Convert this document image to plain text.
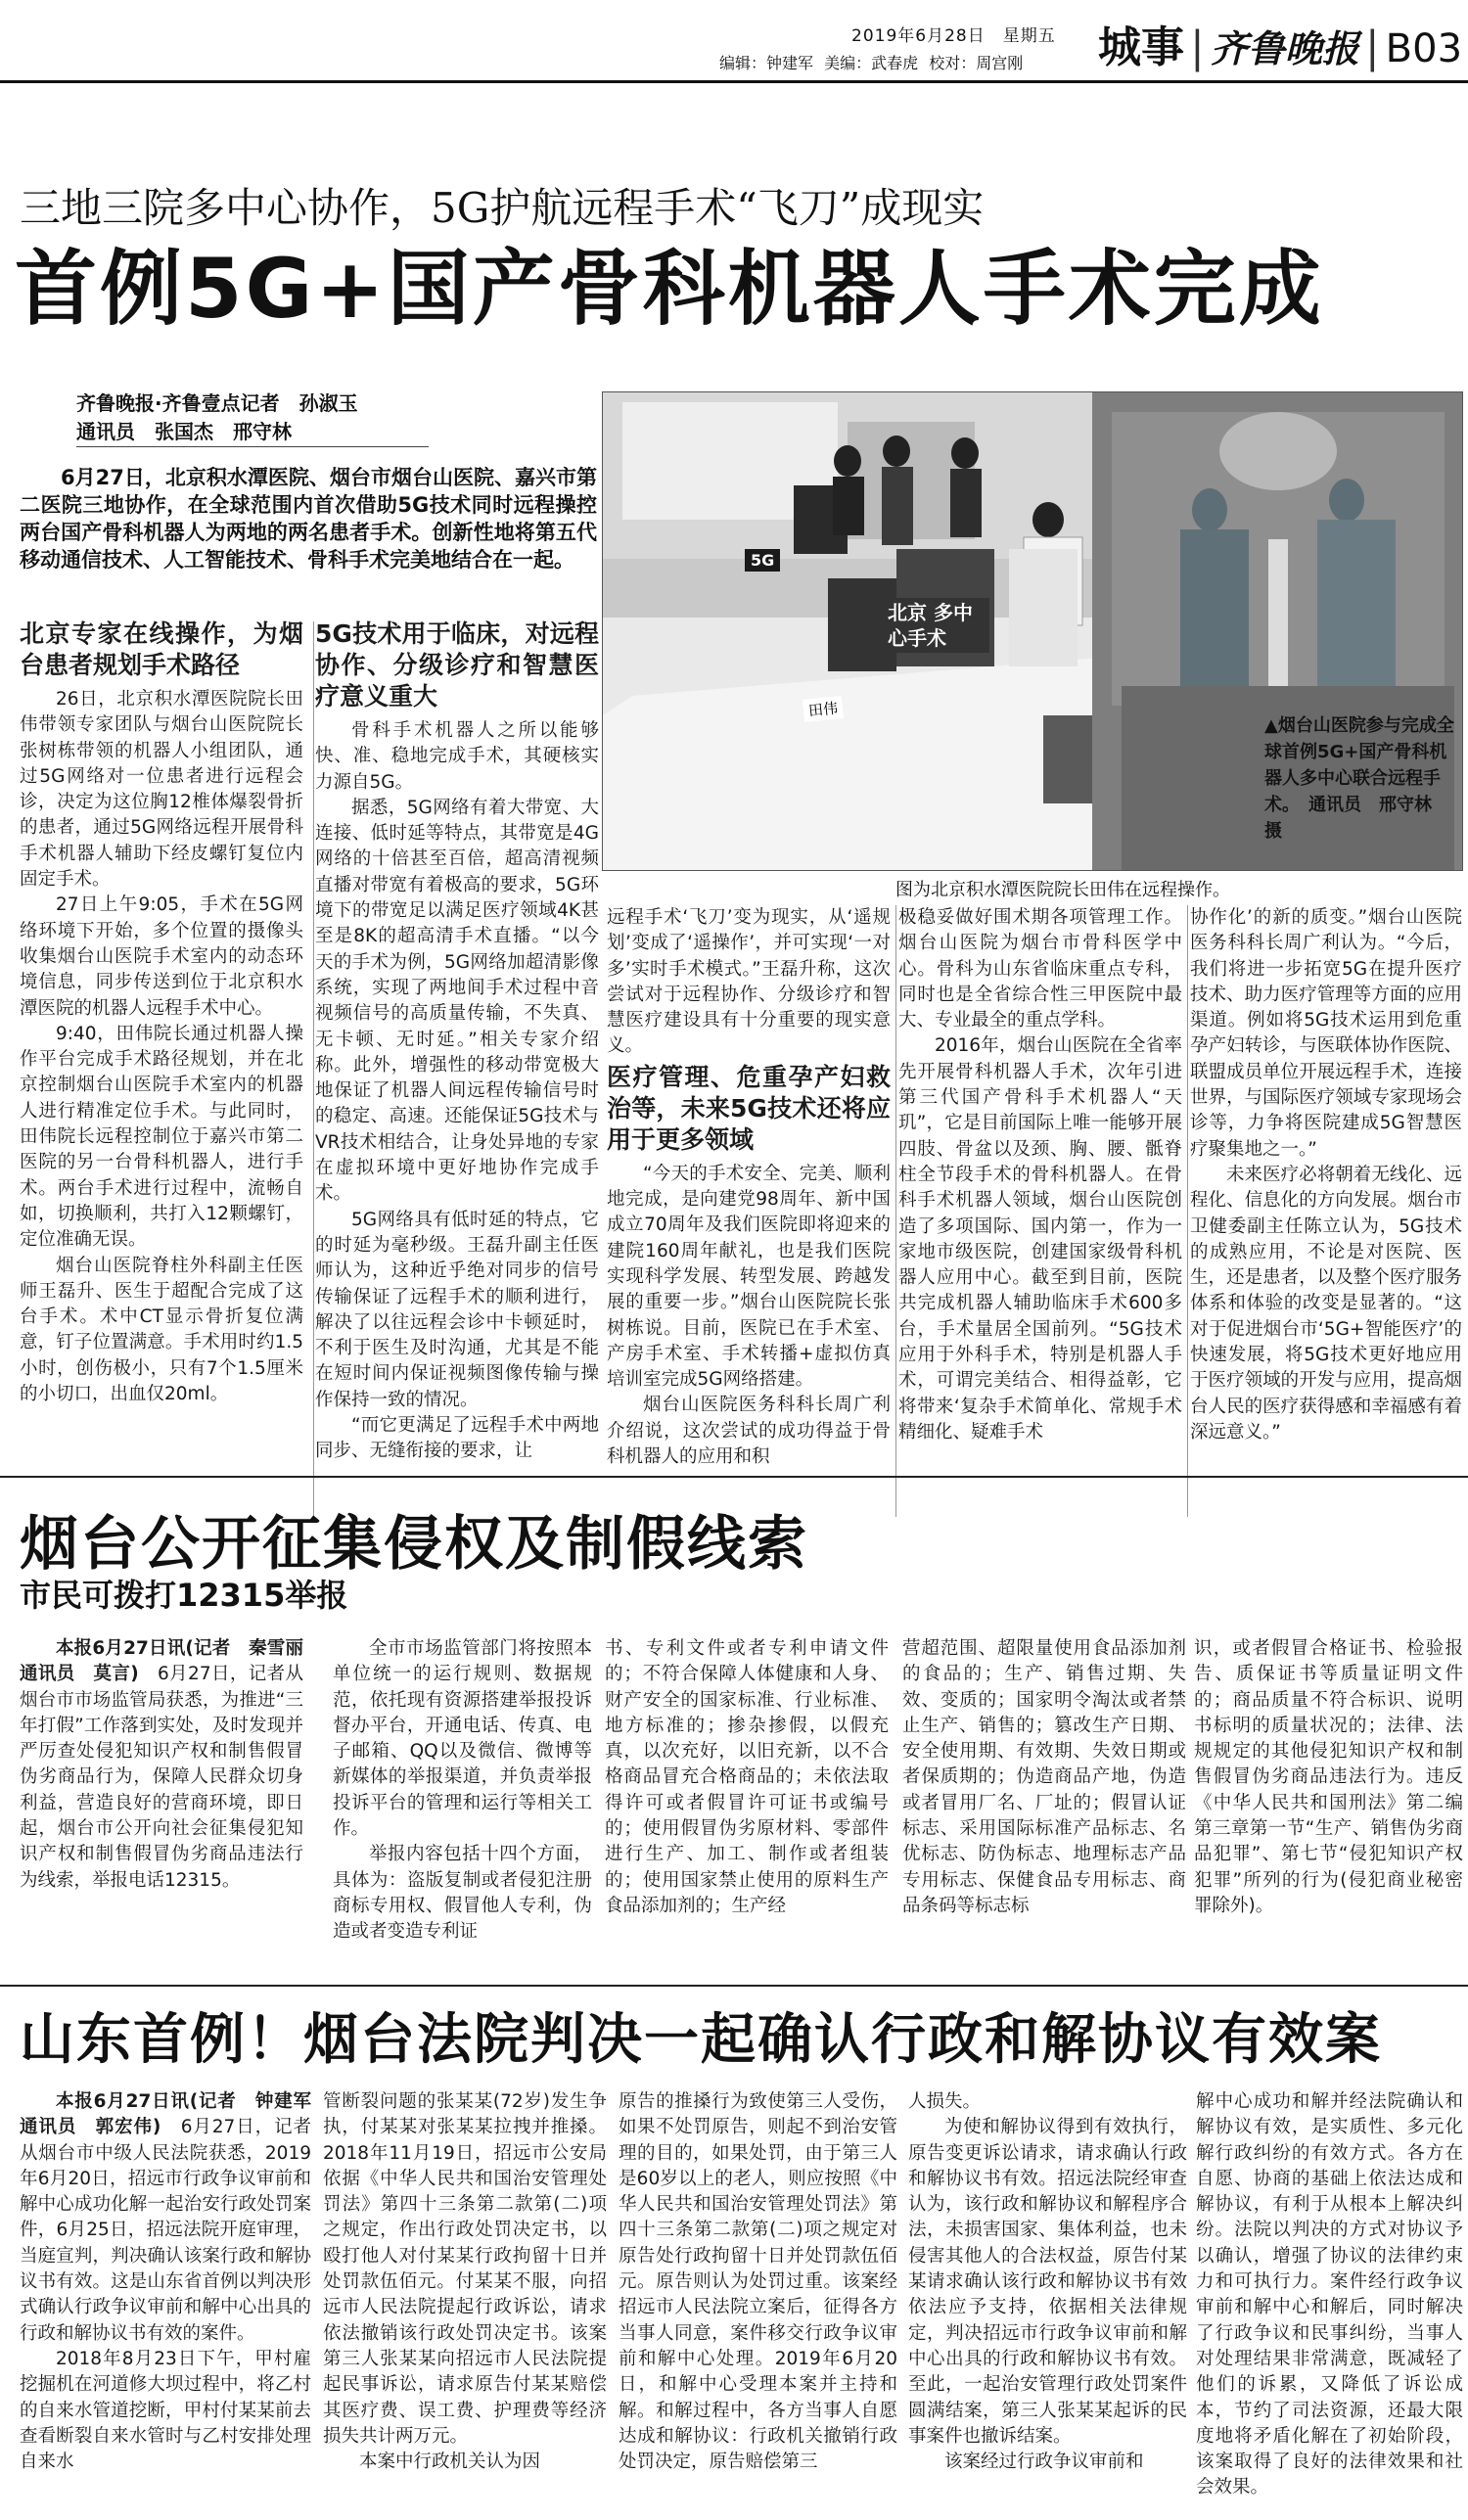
2019年6月28日　 星期五
编辑：钟建军 美编：武春虎 校对：周宫刚 城事 | 齐鲁晚报 | B03
三地三院多中心协作，5G护航远程手术“飞刀”成现实
首例5G+国产骨科机器人手术完成
齐鲁晚报·齐鲁壹点记者　孙淑玉
通讯员　张国杰　邢守林
6月27日，北京积水潭医院、烟台市烟台山医院、嘉兴市第二医院三地协作，在全球范围内首次借助5G技术同时远程操控两台国产骨科机器人为两地的两名患者手术。创新性地将第五代移动通信技术、人工智能技术、骨科手术完美地结合在一起。
北京专家在线操作，为烟台患者规划手术路径

26日，北京积水潭医院院长田伟带领专家团队与烟台山医院院长张树栋带领的机器人小组团队，通过5G网络对一位患者进行远程会诊，决定为这位胸12椎体爆裂骨折的患者，通过5G网络远程开展骨科手术机器人辅助下经皮螺钉复位内固定手术。

27日上午9:05，手术在5G网络环境下开始，多个位置的摄像头收集烟台山医院手术室内的动态环境信息，同步传送到位于北京积水潭医院的机器人远程手术中心。

9:40，田伟院长通过机器人操作平台完成手术路径规划，并在北京控制烟台山医院手术室内的机器人进行精准定位手术。与此同时，田伟院长远程控制位于嘉兴市第二医院的另一台骨科机器人，进行手术。两台手术进行过程中，流畅自如，切换顺利，共打入12颗螺钉，定位准确无误。

烟台山医院脊柱外科副主任医师王磊升、医生于超配合完成了这台手术。术中CT显示骨折复位满意，钉子位置满意。手术用时约1.5小时，创伤极小，只有7个1.5厘米的小切口，出血仅20ml。

5G技术用于临床，对远程协作、分级诊疗和智慧医疗意义重大

骨科手术机器人之所以能够快、准、稳地完成手术，其硬核实力源自5G。

据悉，5G网络有着大带宽、大连接、低时延等特点，其带宽是4G网络的十倍甚至百倍，超高清视频直播对带宽有着极高的要求，5G环境下的带宽足以满足医疗领域4K甚至是8K的超高清手术直播。“以今天的手术为例，5G网络加超清影像系统，实现了两地间手术过程中音视频信号的高质量传输，不失真、无卡顿、无时延。”相关专家介绍称。此外，增强性的移动带宽极大地保证了机器人间远程传输信号时的稳定、高速。还能保证5G技术与VR技术相结合，让身处异地的专家在虚拟环境中更好地协作完成手术。

5G网络具有低时延的特点，它的时延为毫秒级。王磊升副主任医师认为，这种近乎绝对同步的信号传输保证了远程手术的顺利进行，解决了以往远程会诊中卡顿延时，不利于医生及时沟通，尤其是不能在短时间内保证视频图像传输与操作保持一致的情况。

“而它更满足了远程手术中两地同步、无缝衔接的要求，让

北京 多中心手术
5G
田伟
图为北京积水潭医院院长田伟在远程操作。
▲烟台山医院参与完成全球首例5G+国产骨科机器人多中心联合远程手术。　通讯员　邢守林　摄

远程手术‘飞刀’变为现实，从‘遥规划’变成了‘遥操作’，并可实现‘一对多’实时手术模式。”王磊升称，这次尝试对于远程协作、分级诊疗和智慧医疗建设具有十分重要的现实意义。

医疗管理、危重孕产妇救治等，未来5G技术还将应用于更多领域

“今天的手术安全、完美、顺利地完成，是向建党98周年、新中国成立70周年及我们医院即将迎来的建院160周年献礼，也是我们医院实现科学发展、转型发展、跨越发展的重要一步。”烟台山医院院长张树栋说。目前，医院已在手术室、产房手术室、手术转播+虚拟仿真培训室完成5G网络搭建。

烟台山医院医务科科长周广利介绍说，这次尝试的成功得益于骨科机器人的应用和积

极稳妥做好围术期各项管理工作。烟台山医院为烟台市骨科医学中心。骨科为山东省临床重点专科，同时也是全省综合性三甲医院中最大、专业最全的重点学科。

2016年，烟台山医院在全省率先开展骨科机器人手术，次年引进第三代国产骨科手术机器人“天玑”，它是目前国际上唯一能够开展四肢、骨盆以及颈、胸、腰、骶脊柱全节段手术的骨科机器人。在骨科手术机器人领域，烟台山医院创造了多项国际、国内第一，作为一家地市级医院，创建国家级骨科机器人应用中心。截至到目前，医院共完成机器人辅助临床手术600多台，手术量居全国前列。“5G技术应用于外科手术，特别是机器人手术，可谓完美结合、相得益彰，它将带来‘复杂手术简单化、常规手术精细化、疑难手术

协作化’的新的质变。”烟台山医院医务科科长周广利认为。“今后，我们将进一步拓宽5G在提升医疗技术、助力医疗管理等方面的应用渠道。例如将5G技术运用到危重孕产妇转诊，与医联体协作医院、联盟成员单位开展远程手术，连接世界，与国际医疗领域专家现场会诊等，力争将医院建成5G智慧医疗聚集地之一。”

未来医疗必将朝着无线化、远程化、信息化的方向发展。烟台市卫健委副主任陈立认为，5G技术的成熟应用，不论是对医院、医生，还是患者，以及整个医疗服务体系和体验的改变是显著的。“这对于促进烟台市‘5G+智能医疗’的快速发展，将5G技术更好地应用于医疗领域的开发与应用，提高烟台人民的医疗获得感和幸福感有着深远意义。”

烟台公开征集侵权及制假线索
市民可拨打12315举报

本报6月27日讯(记者　秦雪丽　通讯员　莫言)　6月27日，记者从烟台市市场监管局获悉，为推进“三年打假”工作落到实处，及时发现并严厉查处侵犯知识产权和制售假冒伪劣商品行为，保障人民群众切身利益，营造良好的营商环境，即日起，烟台市公开向社会征集侵犯知识产权和制售假冒伪劣商品违法行为线索，举报电话12315。

全市市场监管部门将按照本单位统一的运行规则、数据规范，依托现有资源搭建举报投诉督办平台，开通电话、传真、电子邮箱、QQ以及微信、微博等新媒体的举报渠道，并负责举报投诉平台的管理和运行等相关工作。

举报内容包括十四个方面，具体为：盗版复制或者侵犯注册商标专用权、假冒他人专利，伪造或者变造专利证

书、专利文件或者专利申请文件的；不符合保障人体健康和人身、财产安全的国家标准、行业标准、地方标准的；掺杂掺假，以假充真，以次充好，以旧充新，以不合格商品冒充合格商品的；未依法取得许可或者假冒许可证书或编号的；使用假冒伪劣原材料、零部件进行生产、加工、制作或者组装的；使用国家禁止使用的原料生产食品添加剂的；生产经

营超范围、超限量使用食品添加剂的食品的；生产、销售过期、失效、变质的；国家明令淘汰或者禁止生产、销售的；篡改生产日期、安全使用期、有效期、失效日期或者保质期的；伪造商品产地，伪造或者冒用厂名、厂址的；假冒认证标志、采用国际标准产品标志、名优标志、防伪标志、地理标志产品专用标志、保健食品专用标志、商品条码等标志标

识，或者假冒合格证书、检验报告、质保证书等质量证明文件的；商品质量不符合标识、说明书标明的质量状况的；法律、法规规定的其他侵犯知识产权和制售假冒伪劣商品违法行为。违反《中华人民共和国刑法》第二编第三章第一节“生产、销售伪劣商品犯罪”、第七节“侵犯知识产权犯罪”所列的行为(侵犯商业秘密罪除外)。

山东首例！烟台法院判决一起确认行政和解协议有效案

本报6月27日讯(记者　钟建军　通讯员　郭宏伟)　6月27日，记者从烟台市中级人民法院获悉，2019年6月20日，招远市行政争议审前和解中心成功化解一起治安行政处罚案件，6月25日，招远法院开庭审理，当庭宣判，判决确认该案行政和解协议书有效。这是山东省首例以判决形式确认行政争议审前和解中心出具的行政和解协议书有效的案件。

2018年8月23日下午，甲村雇挖掘机在河道修大坝过程中，将乙村的自来水管道挖断，甲村付某某前去查看断裂自来水管时与乙村安排处理自来水

管断裂问题的张某某(72岁)发生争执，付某某对张某某拉拽并推搡。2018年11月19日，招远市公安局依据《中华人民共和国治安管理处罚法》第四十三条第二款第(二)项之规定，作出行政处罚决定书，以殴打他人对付某某行政拘留十日并处罚款伍佰元。付某某不服，向招远市人民法院提起行政诉讼，请求依法撤销该行政处罚决定书。该案第三人张某某向招远市人民法院提起民事诉讼，请求原告付某某赔偿其医疗费、误工费、护理费等经济损失共计两万元。

本案中行政机关认为因

原告的推搡行为致使第三人受伤，如果不处罚原告，则起不到治安管理的目的，如果处罚，由于第三人是60岁以上的老人，则应按照《中华人民共和国治安管理处罚法》第四十三条第二款第(二)项之规定对原告处行政拘留十日并处罚款伍佰元。原告则认为处罚过重。该案经招远市人民法院立案后，征得各方当事人同意，案件移交行政争议审前和解中心处理。2019年6月20日，和解中心受理本案并主持和解。和解过程中，各方当事人自愿达成和解协议：行政机关撤销行政处罚决定，原告赔偿第三

人损失。

为使和解协议得到有效执行，原告变更诉讼请求，请求确认行政和解协议书有效。招远法院经审查认为，该行政和解协议和解程序合法，未损害国家、集体利益，也未侵害其他人的合法权益，原告付某某请求确认该行政和解协议书有效依法应予支持，依据相关法律规定，判决招远市行政争议审前和解中心出具的行政和解协议书有效。至此，一起治安管理行政处罚案件圆满结案，第三人张某某起诉的民事案件也撤诉结案。

该案经过行政争议审前和

解中心成功和解并经法院确认和解协议有效，是实质性、多元化解行政纠纷的有效方式。各方在自愿、协商的基础上依法达成和解协议，有利于从根本上解决纠纷。法院以判决的方式对协议予以确认，增强了协议的法律约束力和可执行力。案件经行政争议审前和解中心和解后，同时解决了行政争议和民事纠纷，当事人对处理结果非常满意，既减轻了他们的诉累，又降低了诉讼成本，节约了司法资源，还最大限度地将矛盾化解在了初始阶段，该案取得了良好的法律效果和社会效果。
